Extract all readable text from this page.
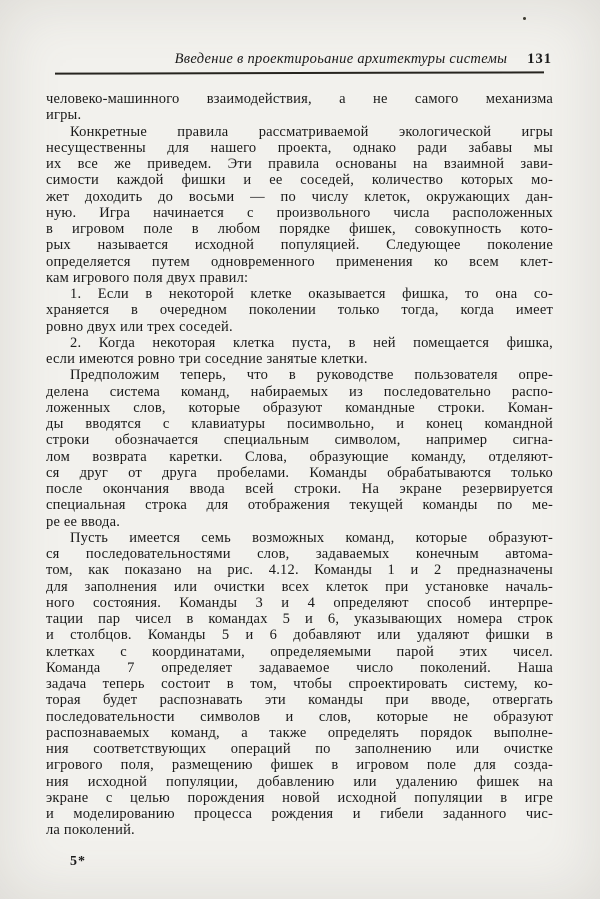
Введение в проектироьание архитектуры системы 131
человеко-машинного взаимодействия, а не самого механизма
игры.
Конкретные правила рассматриваемой экологической игры
несущественны для нашего проекта, однако ради забавы мы
их все же приведем. Эти правила основаны на взаимной зави-
симости каждой фишки и ее соседей, количество которых мо-
жет доходить до восьми — по числу клеток, окружающих дан-
ную. Игра начинается с произвольного числа расположенных
в игровом поле в любом порядке фишек, совокупность кото-
рых называется исходной популяцией. Следующее поколение
определяется путем одновременного применения ко всем клет-
кам игрового поля двух правил:
1. Если в некоторой клетке оказывается фишка, то она со-
храняется в очередном поколении только тогда, когда имеет
ровно двух или трех соседей.
2. Когда некоторая клетка пуста, в ней помещается фишка,
если имеются ровно три соседние занятые клетки.
Предположим теперь, что в руководстве пользователя опре-
делена система команд, набираемых из последовательно распо-
ложенных слов, которые образуют командные строки. Коман-
ды вводятся с клавиатуры посимвольно, и конец командной
строки обозначается специальным символом, например сигна-
лом возврата каретки. Слова, образующие команду, отделяют-
ся друг от друга пробелами. Команды обрабатываются только
после окончания ввода всей строки. На экране резервируется
специальная строка для отображения текущей команды по ме-
ре ее ввода.
Пусть имеется семь возможных команд, которые образуют-
ся последовательностями слов, задаваемых конечным автома-
том, как показано на рис. 4.12. Команды 1 и 2 предназначены
для заполнения или очистки всех клеток при установке началь-
ного состояния. Команды 3 и 4 определяют способ интерпре-
тации пар чисел в командах 5 и 6, указывающих номера строк
и столбцов. Команды 5 и 6 добавляют или удаляют фишки в
клетках с координатами, определяемыми парой этих чисел.
Команда 7 определяет задаваемое число поколений. Наша
задача теперь состоит в том, чтобы спроектировать систему, ко-
торая будет распознавать эти команды при вводе, отвергать
последовательности символов и слов, которые не образуют
распознаваемых команд, а также определять порядок выполне-
ния соответствующих операций по заполнению или очистке
игрового поля, размещению фишек в игровом поле для созда-
ния исходной популяции, добавлению или удалению фишек на
экране с целью порождения новой исходной популяции в игре
и моделированию процесса рождения и гибели заданного чис-
ла поколений.
5*
